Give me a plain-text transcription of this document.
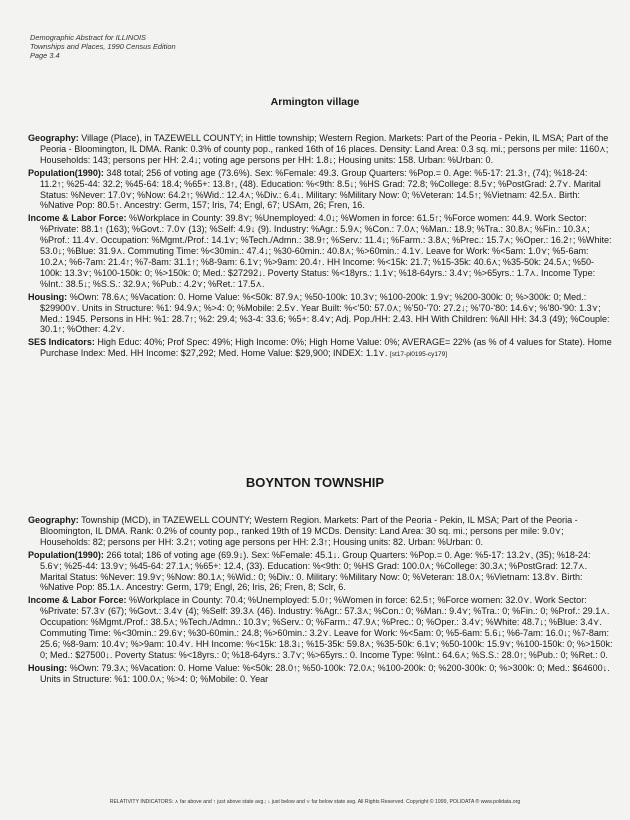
Demographic Abstract for ILLINOIS
Townships and Places, 1990 Census Edition
Page 3.4
Armington village

Geography: Village (Place), in TAZEWELL COUNTY; in Hittle township; Western Region. Markets: Part of the Peoria - Pekin, IL MSA; Part of the Peoria - Bloomington, IL DMA. Rank: 0.3% of county pop., ranked 16th of 16 places. Density: Land Area: 0.3 sq. mi.; persons per mile: 1160⋏; Households: 143; persons per HH: 2.4↓; voting age persons per HH: 1.8↓; Housing units: 158. Urban: %Urban: 0.

Population(1990): 348 total; 256 of voting age (73.6%). Sex: %Female: 49.3. Group Quarters: %Pop.= 0. Age: %5-17: 21.3↑, (74); %18-24: 11.2↑; %25-44: 32.2; %45-64: 18.4; %65+: 13.8↑, (48). Education: %<9th: 8.5↓; %HS Grad: 72.8; %College: 8.5⋎; %PostGrad: 2.7⋎. Marital Status: %Never: 17.0⋎; %Now: 64.2↑; %Wid.: 12.4⋏; %Div.: 6.4↓. Military: %Military Now: 0; %Veteran: 14.5↑; %Vietnam: 42.5⋏. Birth: %Native Pop: 80.5↑. Ancestry: Germ, 157; Iris, 74; Engl, 67; USAm, 26; Fren, 16.

Income & Labor Force: %Workplace in County: 39.8⋎; %Unemployed: 4.0↓; %Women in force: 61.5↑; %Force women: 44.9. Work Sector: %Private: 88.1↑ (163); %Govt.: 7.0⋎ (13); %Self: 4.9↓ (9). Industry: %Agr.: 5.9⋏; %Con.: 7.0⋏; %Man.: 18.9; %Tra.: 30.8⋏; %Fin.: 10.3⋏; %Prof.: 11.4⋎. Occupation: %Mgmt./Prof.: 14.1⋎; %Tech./Admn.: 38.9↑; %Serv.: 11.4↓; %Farm.: 3.8⋏; %Prec.: 15.7⋏; %Oper.: 16.2↑; %White: 53.0↓; %Blue: 31.9⋏. Commuting Time: %<30min.: 47.4↓; %30-60min.: 40.8⋏; %>60min.: 4.1⋎. Leave for Work: %<5am: 1.0⋎; %5-6am: 10.2⋏; %6-7am: 21.4↑; %7-8am: 31.1↑; %8-9am: 6.1⋎; %>9am: 20.4↑. HH Income: %<15k: 21.7; %15-35k: 40.6⋏; %35-50k: 24.5⋏; %50-100k: 13.3⋎; %100-150k: 0; %>150k: 0; Med.: $27292↓. Poverty Status: %<18yrs.: 1.1⋎; %18-64yrs.: 3.4⋎; %>65yrs.: 1.7⋏. Income Type: %Int.: 38.5↓; %S.S.: 32.9⋏; %Pub.: 4.2⋎; %Ret.: 17.5⋏.

Housing: %Own: 78.6⋏; %Vacation: 0. Home Value: %<50k: 87.9⋏; %50-100k: 10.3⋎; %100-200k: 1.9⋎; %200-300k: 0; %>300k: 0; Med.: $29900⋎. Units in Structure: %1: 94.9⋏; %>4: 0; %Mobile: 2.5⋎. Year Built: %<'50: 57.0⋏; %'50-'70: 27.2↓; %'70-'80: 14.6⋎; %'80-'90: 1.3⋎; Med.: 1945. Persons in HH: %1: 28.7↑; %2: 29.4; %3-4: 33.6; %5+: 8.4⋎; Adj. Pop./HH: 2.43. HH With Children: %All HH: 34.3 (49); %Couple: 30.1↑; %Other: 4.2⋎.

SES Indicators: High Educ: 40%; Prof Spec: 49%; High Income: 0%; High Home Value: 0%; AVERAGE= 22% (as % of 4 values for State). Home Purchase Index: Med. HH Income: $27,292; Med. Home Value: $29,900; INDEX: 1.1⋎. [st17-pl0195-cy179]

BOYNTON TOWNSHIP

Geography: Township (MCD), in TAZEWELL COUNTY; Western Region. Markets: Part of the Peoria - Pekin, IL MSA; Part of the Peoria - Bloomington, IL DMA. Rank: 0.2% of county pop., ranked 19th of 19 MCDs. Density: Land Area: 30 sq. mi.; persons per mile: 9.0⋎; Households: 82; persons per HH: 3.2↑; voting age persons per HH: 2.3↑; Housing units: 82. Urban: %Urban: 0.

Population(1990): 266 total; 186 of voting age (69.9↓). Sex: %Female: 45.1↓. Group Quarters: %Pop.= 0. Age: %5-17: 13.2⋎, (35); %18-24: 5.6⋎; %25-44: 13.9⋎; %45-64: 27.1⋏; %65+: 12.4, (33). Education: %<9th: 0; %HS Grad: 100.0⋏; %College: 30.3⋏; %PostGrad: 12.7⋏. Marital Status: %Never: 19.9⋎; %Now: 80.1⋏; %Wid.: 0; %Div.: 0. Military: %Military Now: 0; %Veteran: 18.0⋏; %Vietnam: 13.8⋎. Birth: %Native Pop: 85.1⋏. Ancestry: Germ, 179; Engl, 26; Iris, 26; Fren, 8; Sclr, 6.

Income & Labor Force: %Workplace in County: 70.4; %Unemployed: 5.0↑; %Women in force: 62.5↑; %Force women: 32.0⋎. Work Sector: %Private: 57.3⋎ (67); %Govt.: 3.4⋎ (4); %Self: 39.3⋏ (46). Industry: %Agr.: 57.3⋏; %Con.: 0; %Man.: 9.4⋎; %Tra.: 0; %Fin.: 0; %Prof.: 29.1⋏. Occupation: %Mgmt./Prof.: 38.5⋏; %Tech./Admn.: 10.3⋎; %Serv.: 0; %Farm.: 47.9⋏; %Prec.: 0; %Oper.: 3.4⋎; %White: 48.7↓; %Blue: 3.4⋎. Commuting Time: %<30min.: 29.6⋎; %30-60min.: 24.8; %>60min.: 3.2⋎. Leave for Work: %<5am: 0; %5-6am: 5.6↓; %6-7am: 16.0↓; %7-8am: 25.6; %8-9am: 10.4⋎; %>9am: 10.4⋎. HH Income: %<15k: 18.3↓; %15-35k: 59.8⋏; %35-50k: 6.1⋎; %50-100k: 15.9⋎; %100-150k: 0; %>150k: 0; Med.: $27500↓. Poverty Status: %<18yrs.: 0; %18-64yrs.: 3.7⋎; %>65yrs.: 0. Income Type: %Int.: 64.6⋏; %S.S.: 28.0↑; %Pub.: 0; %Ret.: 0.

Housing: %Own: 79.3⋏; %Vacation: 0. Home Value: %<50k: 28.0↑; %50-100k: 72.0⋏; %100-200k: 0; %200-300k: 0; %>300k: 0; Med.: $64600↓. Units in Structure: %1: 100.0⋏; %>4: 0; %Mobile: 0. Year

RELATIVITY INDICATORS: ⋏ far above and ↑ just above state avg.; ↓ just below and ⋎ far below state avg. All Rights Reserved. Copyright © 1999, POLIDATA ® www.polidata.org
